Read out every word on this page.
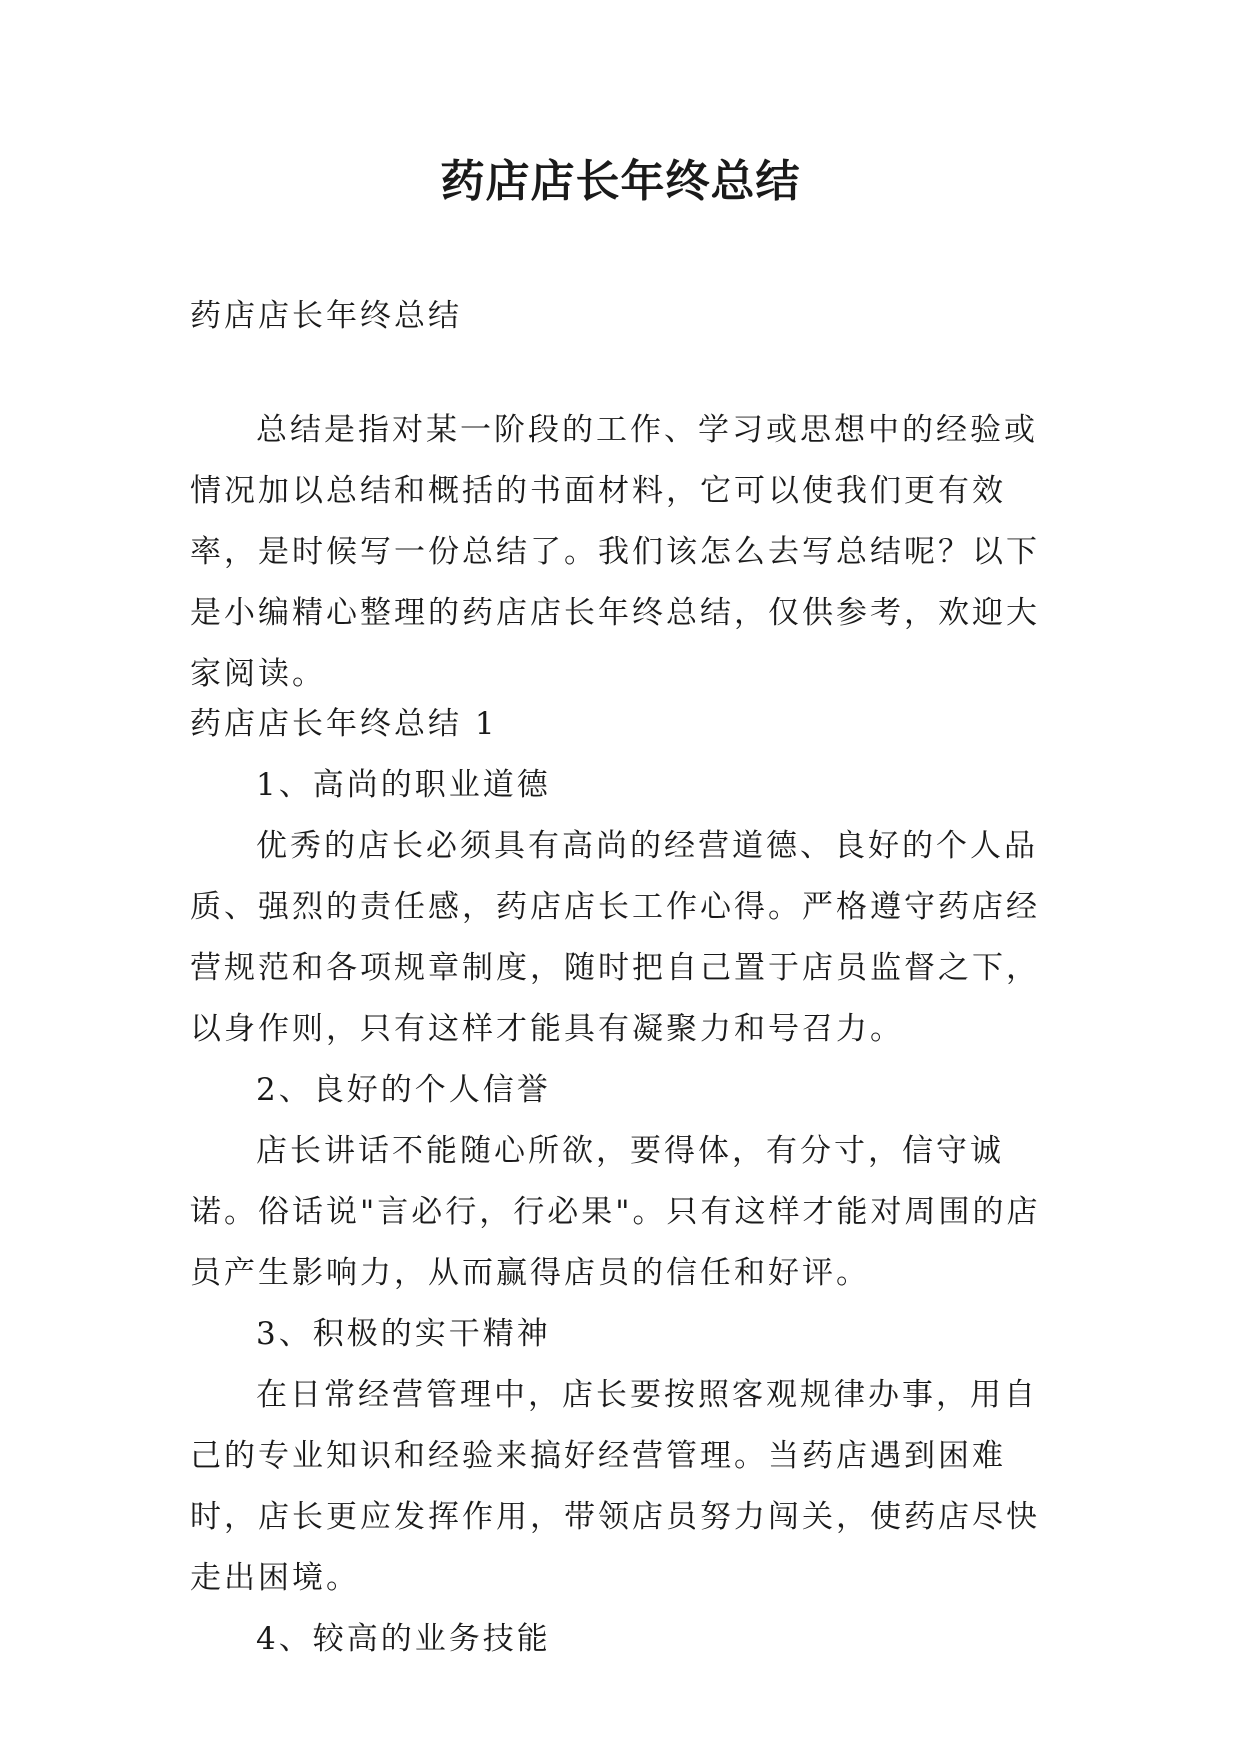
药店店长年终总结

药店店长年终总结

总结是指对某一阶段的工作、学习或思想中的经验或情况加以总结和概括的书面材料，它可以使我们更有效率，是时候写一份总结了。我们该怎么去写总结呢？以下是小编精心整理的药店店长年终总结，仅供参考，欢迎大家阅读。

药店店长年终总结 1

1、高尚的职业道德

优秀的店长必须具有高尚的经营道德、良好的个人品质、强烈的责任感，药店店长工作心得。严格遵守药店经营规范和各项规章制度，随时把自己置于店员监督之下，以身作则，只有这样才能具有凝聚力和号召力。

2、良好的个人信誉

店长讲话不能随心所欲，要得体，有分寸，信守诚诺。俗话说"言必行，行必果"。只有这样才能对周围的店员产生影响力，从而赢得店员的信任和好评。

3、积极的实干精神

在日常经营管理中，店长要按照客观规律办事，用自己的专业知识和经验来搞好经营管理。当药店遇到困难时，店长更应发挥作用，带领店员努力闯关，使药店尽快走出困境。

4、较高的业务技能
